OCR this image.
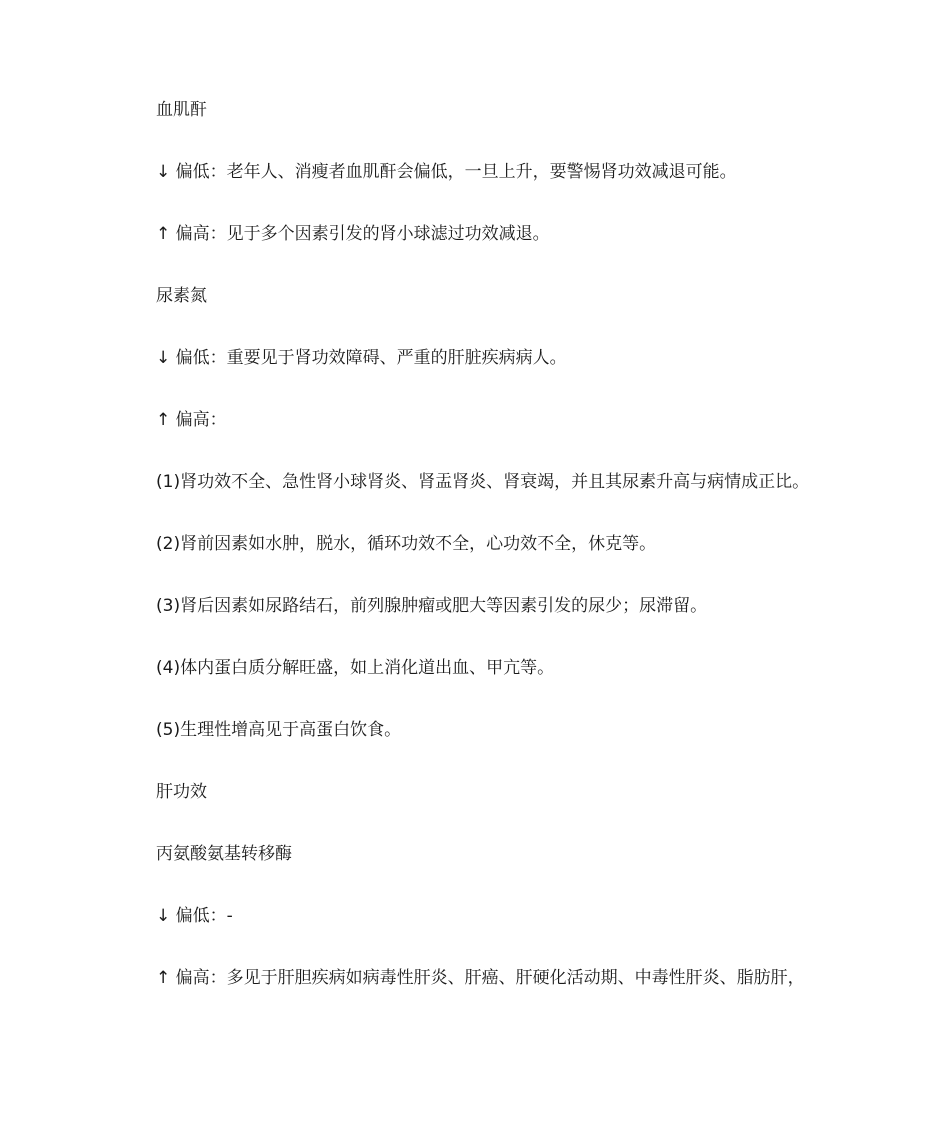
血肌酐

↓ 偏低：老年人、消瘦者血肌酐会偏低，一旦上升，要警惕肾功效减退可能。

↑ 偏高：见于多个因素引发的肾小球滤过功效减退。

尿素氮

↓ 偏低：重要见于肾功效障碍、严重的肝脏疾病病人。

↑ 偏高：

(1)肾功效不全、急性肾小球肾炎、肾盂肾炎、肾衰竭，并且其尿素升高与病情成正比。

(2)肾前因素如水肿，脱水，循环功效不全，心功效不全，休克等。

(3)肾后因素如尿路结石，前列腺肿瘤或肥大等因素引发的尿少；尿滞留。

(4)体内蛋白质分解旺盛，如上消化道出血、甲亢等。

(5)生理性增高见于高蛋白饮食。

肝功效

丙氨酸氨基转移酶

↓ 偏低：-

↑ 偏高：多见于肝胆疾病如病毒性肝炎、肝癌、肝硬化活动期、中毒性肝炎、脂肪肝，
